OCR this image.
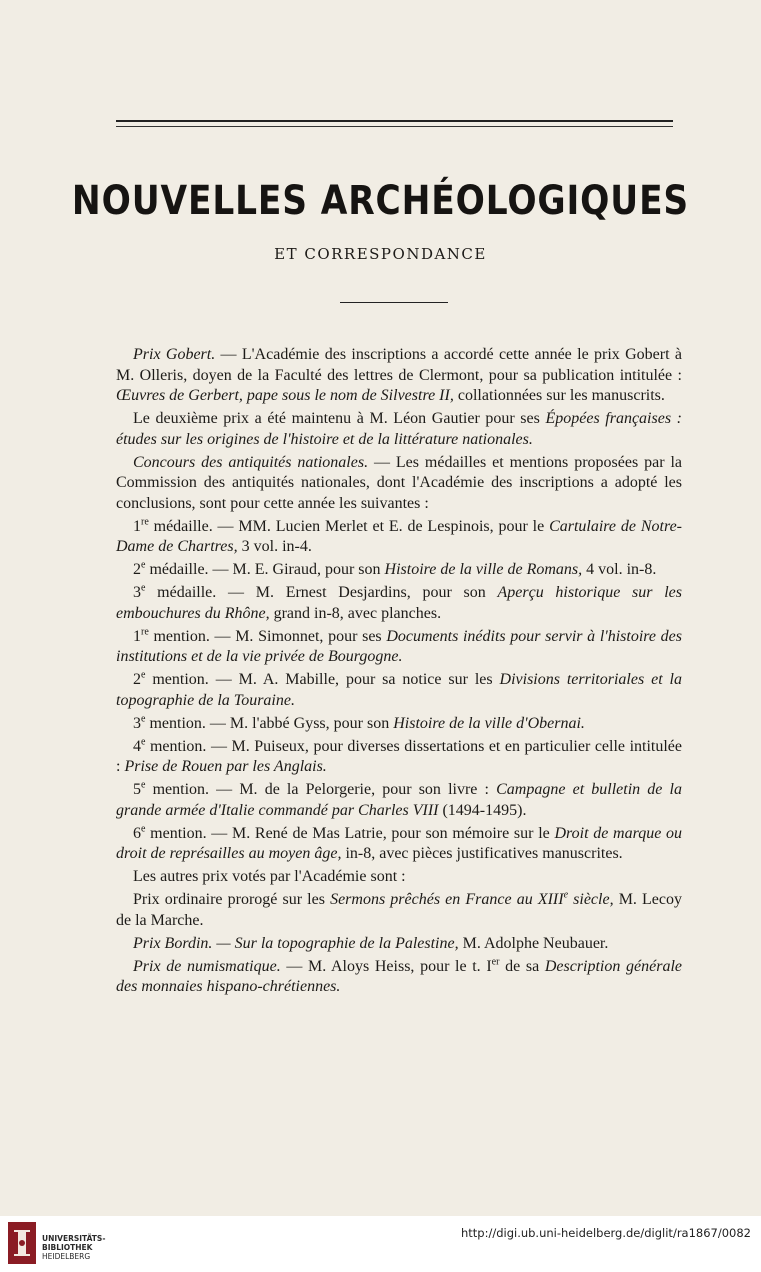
NOUVELLES ARCHÉOLOGIQUES
ET CORRESPONDANCE

Prix Gobert. — L'Académie des inscriptions a accordé cette année le prix Gobert à M. Olleris, doyen de la Faculté des lettres de Clermont, pour sa publication intitulée : Œuvres de Gerbert, pape sous le nom de Silvestre II, collationnées sur les manuscrits.

Le deuxième prix a été maintenu à M. Léon Gautier pour ses Épopées françaises : études sur les origines de l'histoire et de la littérature nationales.

Concours des antiquités nationales. — Les médailles et mentions proposées par la Commission des antiquités nationales, dont l'Académie des inscriptions a adopté les conclusions, sont pour cette année les suivantes :

1re médaille. — MM. Lucien Merlet et E. de Lespinois, pour le Cartulaire de Notre-Dame de Chartres, 3 vol. in-4.

2e médaille. — M. E. Giraud, pour son Histoire de la ville de Romans, 4 vol. in-8.

3e médaille. — M. Ernest Desjardins, pour son Aperçu historique sur les embouchures du Rhône, grand in-8, avec planches.

1re mention. — M. Simonnet, pour ses Documents inédits pour servir à l'histoire des institutions et de la vie privée de Bourgogne.

2e mention. — M. A. Mabille, pour sa notice sur les Divisions territoriales et la topographie de la Touraine.

3e mention. — M. l'abbé Gyss, pour son Histoire de la ville d'Obernai.

4e mention. — M. Puiseux, pour diverses dissertations et en particulier celle intitulée : Prise de Rouen par les Anglais.

5e mention. — M. de la Pelorgerie, pour son livre : Campagne et bulletin de la grande armée d'Italie commandé par Charles VIII (1494-1495).

6e mention. — M. René de Mas Latrie, pour son mémoire sur le Droit de marque ou droit de représailles au moyen âge, in-8, avec pièces justificatives manuscrites.

Les autres prix votés par l'Académie sont :

Prix ordinaire prorogé sur les Sermons prêchés en France au XIIIe siècle, M. Lecoy de la Marche.

Prix Bordin. — Sur la topographie de la Palestine, M. Adolphe Neubauer.

Prix de numismatique. — M. Aloys Heiss, pour le t. Ier de sa Description générale des monnaies hispano-chrétiennes.

UNIVERSITÄTS-
BIBLIOTHEK
HEIDELBERG
http://digi.ub.uni-heidelberg.de/diglit/ra1867/0082
